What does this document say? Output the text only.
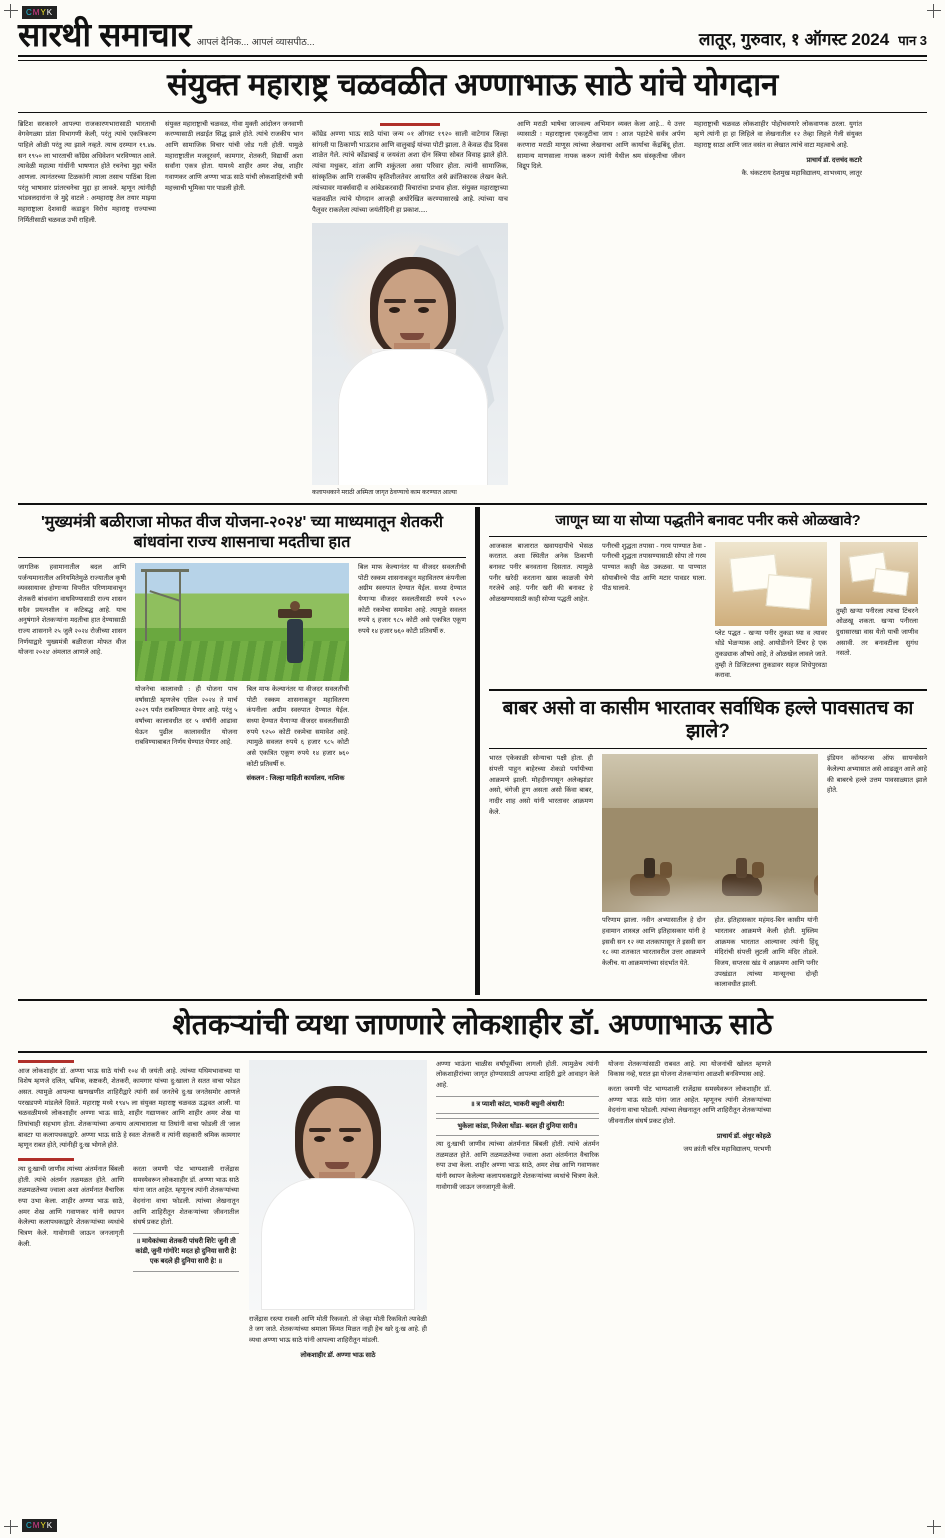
CMYK
CMYK
सारथी समाचार आपलं दैनिक... आपलं व्यासपीठ...	लातूर, गुरुवार, १ ऑगस्ट 2024 पान 3
संयुक्त महाराष्ट्र चळवळीत अण्णाभाऊ साठे यांचे योगदान

ब्रिटिश सरकारने आपल्या राजकारणभारासाठी भारताची वेगवेगळ्या प्रांता विभागणी केली, परंतु त्यांचे एकत्रिकरण पाहिले ओळी परंतु त्या झाले नव्हते. त्याच दरम्यान १९.४७. सन १९५० ला भारताची काँग्रेस अधिवेशन भरविण्यात आले. त्यावेळी महात्मा गांधींनी भाषणात होते रचनेचा मुद्दा चर्चेत आणला. त्यानंतरच्या टिळकांनी त्याला तसाच पाठिंबा दिला परंतु भाषावार प्रांतरचनेचा मुद्दा हा लावले. म्हणून त्यांनीही भांडवलदारांना जे मुद्दे वाटले : अमहाराष्ट्र तेल तयार माझ्या महाराष्ट्राला देशवादी कडाढून विरोध महाराष्ट्र राज्याच्या निर्मितीसाठी चळवळ उभी राहिली.

संयुक्त महाराष्ट्राची चळवळ, गोवा मुक्ती आंदोलन जनवाणी करण्यासाठी लढाईत सिद्ध झाले होते. त्यांचे राजकीय भान आणि सामाजिक विचार यांची जोड गती होती. यामुळे महाराष्ट्रातील मजदूरवर्ग, कामगार, शेतकरी, विद्यार्थी अशा सर्वांना एकत्र होता. यामध्ये शाहीर अमर शेख, शाहीर गवाणकर आणि अण्णा भाऊ साठे यांची लोकशाहिरांची त्रयी महत्त्वाची भूमिका पार पाडली होती.

कॉम्रेड अण्णा भाऊ साठे यांचा जन्म ०१ ऑगस्ट १९२० साली वाटेगाव जिल्हा सांगली या ठिकाणी भाऊराव आणि वालुबाई यांच्या पोटी झाला. ते केवळ दीड दिवस शाळेत गेले. त्यांचे कोंडाबाई व जयवंता अशा दोन स्त्रिया सोबत विवाह झाले होते. त्यांचा मधुकर, शांता आणि शकुंतला असा परिवार होता. त्यांनी सामाजिक, सांस्कृतिक आणि राजकीय कृतिशीलतेवर आधारित असे क्रांतिकारक लेखन केले. त्यांच्यावर मार्क्सवादी व आंबेडकरवादी विचारांचा प्रभाव होता. संयुक्त महाराष्ट्राच्या चळवळीत त्यांचे योगदान आजही अधोरेखित करण्यासारखे आहे. त्यांच्या याच पैलूवर राकलेला त्यांच्या जयंतीदिनी हा प्रकाश.....
कलापथकाने मराठी अस्मिता जागृत ठेवण्याचे काम करण्यात आल्या

आणि मराठी भाषेचा जाज्वल्य अभिमान व्यक्त केला आहे... ये उत्तर व्यासाठी ! महाराष्ट्राला एकजुटीचा जाय ! आज पहाटेचे सर्वत्र अर्पण करणारा मराठी माणूस त्यांच्या लेखनाचा आणि कार्याचा केंद्रबिंदू होता. सामान्य माणसाला नायक करून त्यांनी येथील श्रम संस्कृतीचा जीवन विद्रूप दिले.

महाराष्ट्राची चळवळ लोकशाहीर पोहोचवणारे लोकवाणक ठरला. युगांत म्हणे त्यांनी हा हा लिहिले वा लेखनातील १२ तेव्हा लिहले गेली संयुक्त महाराष्ट्र साठा आणि जात वसंत वा लेखात त्यांचे वाटा महत्वाचे आहे.

प्राचार्य डॉ. दत्तचंद कटारे
कै. थंकटराय देशमुख महाविद्यालय, शाभध्याय, लातूर
'मुख्यमंत्री बळीराजा मोफत वीज योजना-२०२४' च्या माध्यमातून शेतकरी बांधवांना राज्य शासनाचा मदतीचा हात

जागतिक हवामानातील बदल आणि पर्जन्यमानातील अनियमितेमुळे राज्यातील कृषी व्यवसायावर होणाऱ्या विपरीत परिणामावाचून शेतकरी बांधवांना वाघविण्यासाठी राज्य शासन सदैव प्रयत्नशील व कटिबद्ध आहे. याच अनुषंगाने शेतकऱ्यांना मदतीचा हात देण्यासाठी राज्य शासनाने २५ जुलै २०२४ रोजीच्या शासन निर्णयाद्वारे 'मुख्यमंत्री बळीराजा मोफत वीज योजना २०२४' अंमलात आणले आहे.

योजनेचा कालावधी : ही योजना पाच वर्षांसाठी म्हणजेच एप्रिल २०२४ ते मार्च २०२९ पर्यंत राबविण्यात येणार आहे. परंतु ५ वर्षांच्या कालावधीत दर ५ वर्षांनी आढावा घेऊन पुढील कालावधीत योजना राबविण्याबाबत निर्णय घेण्यात येणार आहे.

बिल माफ केल्यानंतर या वीजदर सवलतीची पोटी रक्कम शासनाकडून महावितरण कंपनीला अग्रीम स्वरुपात देण्यात येईल. सध्या देण्यात येणाऱ्या वीजदर सवलतीसाठी रुपये ९२५० कोटी रकमेचा समावेश आहे. त्यामुळे सवलत रुपये ६ हजार ९८५ कोटी असे एकत्रित एकूण रुपये १४ हजार ७६० कोटी प्रतिवर्षी रु.

संकलन : जिल्हा माहिती कार्यालय, नाशिक

बिल माफ केल्यानंतर या वीजदर सवलतीची पोटी रक्कम शासनाकडून महावितरण कंपनीला अग्रीम स्वरुपात देण्यात येईल. सध्या देण्यात येणाऱ्या वीजदर सवलतीसाठी रुपये ९२५० कोटी रकमेचा समावेश आहे. त्यामुळे सवलत रुपये ६ हजार ९८५ कोटी असे एकत्रित एकूण रुपये १४ हजार ७६० कोटी प्रतिवर्षी रु.

जाणून घ्या या सोप्या पद्धतीने बनावट पनीर कसे ओळखावे?

आजकाल बाजारात खवायदायीचे भेसळ करतात. अशा स्थितीत अनेक ठिकाणी बनावट पनीर बनवताना दिसतात. त्यामुळे पनीर खरेदी करताना खास काळजी घेणे गरजेचे आहे. पनीर खरी की बनावट हे ओळखण्यासाठी काही सोप्या पद्धती आहेत.

पनीरची शुद्धता तपासा - गरम पाण्यात ठेवा - पनीरची शुद्धता तपासण्यासाठी सोपा तो गरम पाण्यात काही वेळ उकळवा. या पाण्यात सोयाबीनचे पीठ आणि मटार पावडर घाला. पीठ घालावे.

प्लेट पद्धत - खऱ्या पनीर तुकडा घ्या व त्यावर थोडे भेळऱ्याक आहे. आयोडीनने टिंचर हे एक तुकड्याक औषधे आहे, ते ओळखेल लावले जाते. तुम्ही ते डिजिटलचा तुकडावर सहज शिधेपुरवठा करावा.

तुम्ही खऱ्या पनीरला त्याचा टिंचरने ओळखू शकता. खऱ्या पनीरला दुधासारखा वास येतो याची जाणीव असावी. तर बनावटीला सुगंध नसतो.

बाबर असो वा कासीम भारतावर सर्वाधिक हल्ले पावसातच का झाले?

भारत एकेकाळी सोन्याचा पक्षी होता. ही संपत्ती पाहून बाहेरच्या शेकडो पर्यायीच्या आक्रमणे झाली. मोहदीनपासून अलेक्झांडर असो, चंगेजी हूण असता असो किंवा बाबर, नादीर शाह असो यांनी भारतावर आक्रमण केले.

परिणाम झाला. नवीन अभ्यासातील हे दोन हवामान शास्त्रज्ञ आणि इतिहासकार यांनी हे इसवी सन १२ व्या शतकापासून ते इसवी सन १८ व्या शतकात भारतावरील उत्तर आक्रमणे केलीच. या आक्रमणांच्या संदर्भात येते.

होत. इतिहासकार महंमद-बिन कासीम यांनी भारतावर आक्रमणे केली होती. मुस्लिम आक्रमक भारतात आल्यावर त्यांनी हिंदू मंदिरांची संपत्ती लुटली आणि मंदिर तोडले. विजय, सप्तरस खंड ये आक्रमण आणि पनीर उपखंडात त्यांच्या मान्सूनचा दोन्ही कालावधीत झाली.

इंडियन कॉन्फरन्स ऑफ सायन्सेसने केलेल्या अभ्यासात असे आढळून आले आहे की बाबरचे हल्ले उत्तम पावसाळ्यात झाले होते.

शेतकऱ्यांची व्यथा जाणणारे लोकशाहीर डॉ. अण्णाभाऊ साठे

आज लोकशाहीर डॉ. अण्णा भाऊ साठे यांची १०४ वी जयंती आहे. त्यांच्या यथिमभावाच्या या विशेष म्हणजे दलित, भ्रमिक, कष्टकरी, शेतकरी, कामगार यांच्या दु:खाला ते सतत वाचा फोडत असत. त्यामुळे आपल्या खणखणीत शाहिरीद्वारे त्यांनी सर्व जनतेचे दु:ख जनतेसमोर आणले परखडपणे मांडलेले दिसते. महाराष्ट्र मध्ये १९४५ ला संयुक्त महाराष्ट्र चळवळ उद्भवत आली. या चळवळीमध्ये लोकशाहीर अण्णा भाऊ साठे, शाहीर गद्याणकर आणि शाहीर अमर शेख या तिघांचाही सहभाग होता. शेतकऱ्यांच्या अन्याय अत्याचाराला या तिघांनी वाचा फोडली ती 'लाल बावटा' या कलापथकाद्वारे. अण्णा भाऊ साठे हे स्वतः शेतकरी व त्यांनी सहकारी श्रमिक कामगार म्हणून राबत होते, त्यांनीही दु:ख भोगले होते.

त्या दु:खाची जाणीव त्यांच्या अंतर्मनात बिंबली होती. त्यांचे अंतर्मन तळमळत होते. आणि तळमळतेच्या ज्वाला अशा अंतर्मनात वैचारिक रुपा उभा केला. शाहीर अण्णा भाऊ साठे, अमर शेख आणि गवाणकर यांनी स्थापन केलेल्या कलापथकाद्वारे शेतकऱ्यांच्या व्यथांचे चित्रण केले. गावोगावी जाऊन जनजागृती केली.

करता जमणी पोट भाग्यशाली राजेंद्रास समस्येवरून लोकशाहीर डॉ. अण्णा भाऊ साठे यांना जात आहेत. म्हणूनच त्यांनी शेतकऱ्यांच्या वेदनांना वाचा फोडली. त्यांच्या लेखनातून आणि शाहिरीतून शेतकऱ्यांच्या जीवनातील संघर्ष प्रकट होतो.

॥ मायेकांच्या शेतकरी पांघरी शिरे! जुनी ती कांडी, जुनी गांगोरे! मदत हो दुनिया सारी हे! एक बदले ही दुनिया सारी हे! ॥

राजेंद्रास रस्त्या रावली आणि मोती रिकवतो. तो जेव्हा मोती रिकवितो त्यावेळी ते जग जाते. शेतकऱ्यांच्या श्रमाला किंमत मिळत नाही हेच खरे दु:ख आहे. ही व्यथा अण्णा भाऊ साठे यांनी आपल्या शाहिरीतून मांडली.

लोकशाहीर डॉ. अण्णा भाऊ साठे

अण्णा भाऊंना चाळीस वर्षांपूर्वीच्या लागली होती. त्यामुळेच त्यांनी लोकशाहीरांच्या जागृत होण्यासाठी आपल्या शाहिरी द्वारे आवाहन केले आहे.

॥ त्र प्याशी कांटा, भाकरी बघुनी अंधारी!
भुकेला कांडा, निजेला धोंडा- बदल ही दुनिया सारी॥

त्या दु:खाची जाणीव त्यांच्या अंतर्मनात बिंबली होती. त्यांचे अंतर्मन तळमळत होते. आणि तळमळतेच्या ज्वाला अशा अंतर्मनात वैचारिक रुपा उभा केला. शाहीर अण्णा भाऊ साठे, अमर शेख आणि गवाणकर यांनी स्थापन केलेल्या कलापथकाद्वारे शेतकऱ्यांच्या व्यथांचे चित्रण केले. गावोगावी जाऊन जनजागृती केली.

योजना शेतकऱ्यांसाठी राबवत आहे. त्या योजनांची खोलत म्हणजे विकास नव्हे, घरात झा योजना शेतकऱ्यांना आळशी बनविण्यास आहे.

करता जमणी पोट भाग्यशाली राजेंद्रास समस्येवरून लोकशाहीर डॉ. अण्णा भाऊ साठे यांना जात आहेत. म्हणूनच त्यांनी शेतकऱ्यांच्या वेदनांना वाचा फोडली. त्यांच्या लेखनातून आणि शाहिरीतून शेतकऱ्यांच्या जीवनातील संघर्ष प्रकट होतो.

प्राचार्य डॉ. अंधुर कोहळे
जय क्रांती चरित्र महाविद्यालय, परभणी
